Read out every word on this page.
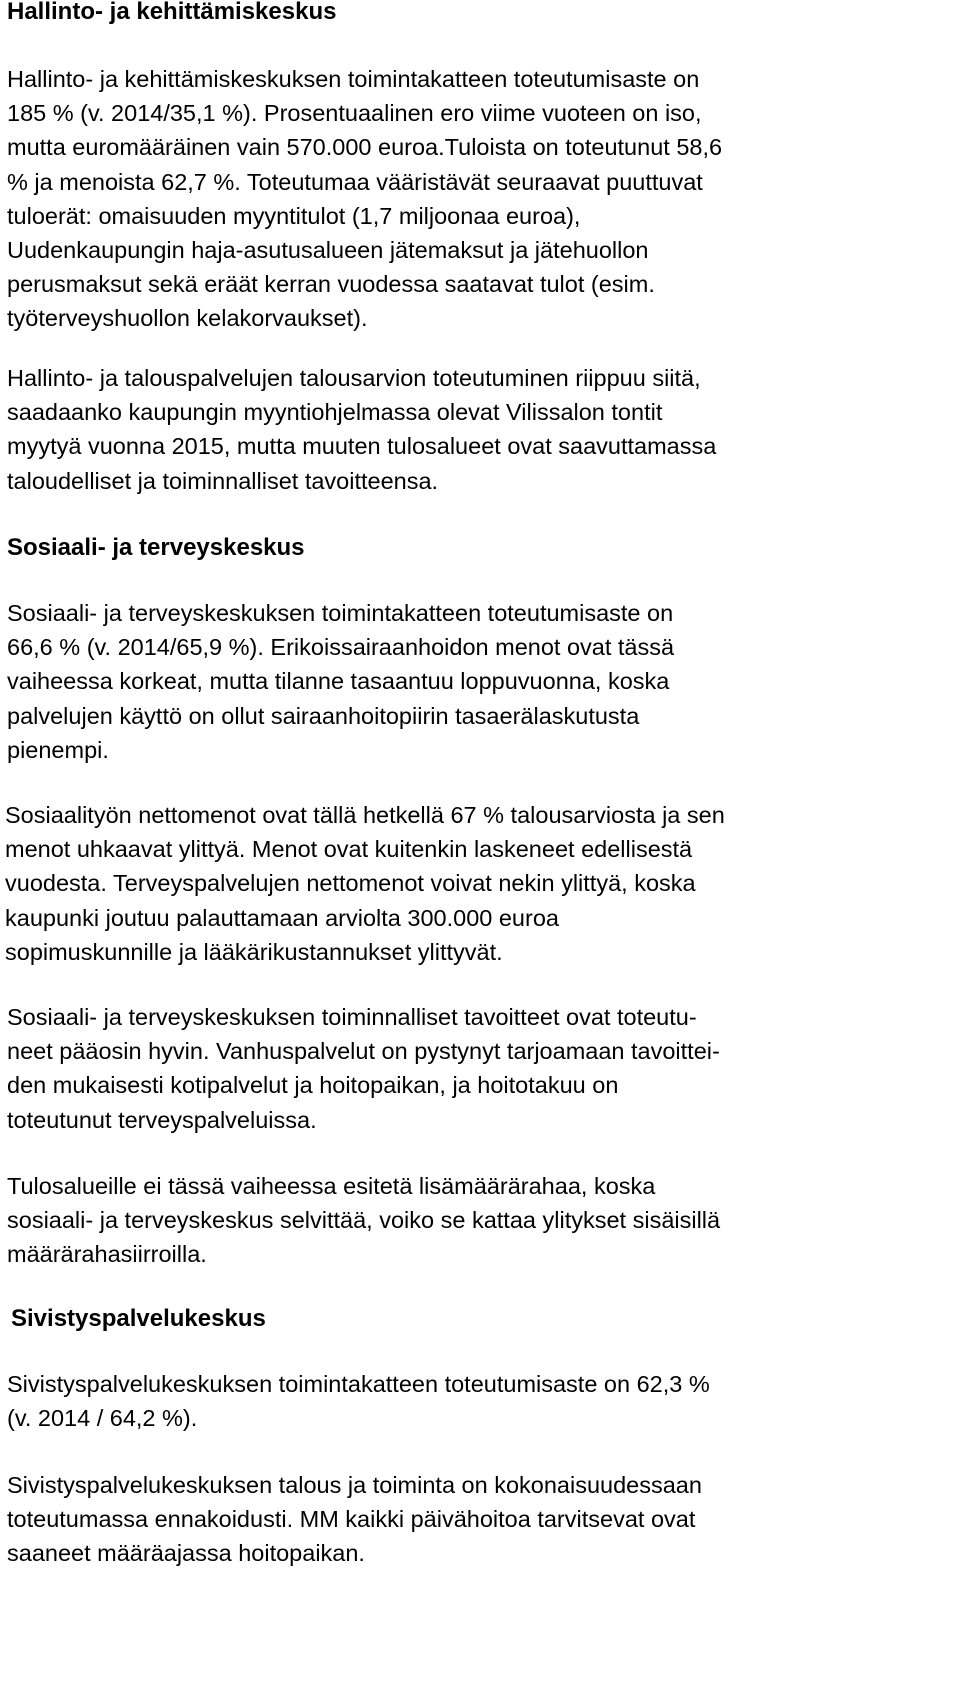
Hallinto- ja kehittämiskeskus

Hallinto- ja kehittämiskeskuksen toimintakatteen toteutumisaste on
185 % (v. 2014/35,1 %). Prosentuaalinen ero viime vuoteen on iso,
mutta euromääräinen vain 570.000 euroa.Tuloista on toteutunut 58,6
% ja menoista 62,7 %. Toteutumaa vääristävät seuraavat puuttuvat
tuloerät: omaisuuden myyntitulot (1,7 miljoonaa euroa),
Uudenkaupungin haja-asutusalueen jätemaksut ja jätehuollon
perusmaksut sekä eräät kerran vuodessa saatavat tulot (esim.
työterveyshuollon kelakorvaukset).

Hallinto- ja talouspalvelujen talousarvion toteutuminen riippuu siitä,
saadaanko kaupungin myyntiohjelmassa olevat Vilissalon tontit
myytyä vuonna 2015, mutta muuten tulosalueet ovat saavuttamassa
taloudelliset ja toiminnalliset tavoitteensa.

Sosiaali- ja terveyskeskus

Sosiaali- ja terveyskeskuksen toimintakatteen toteutumisaste on
66,6 % (v. 2014/65,9 %). Erikoissairaanhoidon menot ovat tässä
vaiheessa korkeat, mutta tilanne tasaantuu loppuvuonna, koska
palvelujen käyttö on ollut sairaanhoitopiirin tasaerälaskutusta
pienempi.

Sosiaalityön nettomenot ovat tällä hetkellä 67 % talousarviosta ja sen
menot uhkaavat ylittyä. Menot ovat kuitenkin laskeneet edellisestä
vuodesta. Terveyspalvelujen nettomenot voivat nekin ylittyä, koska
kaupunki joutuu palauttamaan arviolta 300.000 euroa
sopimuskunnille ja lääkärikustannukset ylittyvät.

Sosiaali- ja terveyskeskuksen toiminnalliset tavoitteet ovat toteutu-
neet pääosin hyvin. Vanhuspalvelut on pystynyt tarjoamaan tavoittei-
den mukaisesti kotipalvelut ja hoitopaikan, ja hoitotakuu on
toteutunut terveyspalveluissa.

Tulosalueille ei tässä vaiheessa esitetä lisämäärärahaa, koska
sosiaali- ja terveyskeskus selvittää, voiko se kattaa ylitykset sisäisillä
määrärahasiirroilla.

Sivistyspalvelukeskus

Sivistyspalvelukeskuksen toimintakatteen toteutumisaste on 62,3 %
(v. 2014 / 64,2 %).

Sivistyspalvelukeskuksen talous ja toiminta on kokonaisuudessaan
toteutumassa ennakoidusti. MM kaikki päivähoitoa tarvitsevat ovat
saaneet määräajassa hoitopaikan.
